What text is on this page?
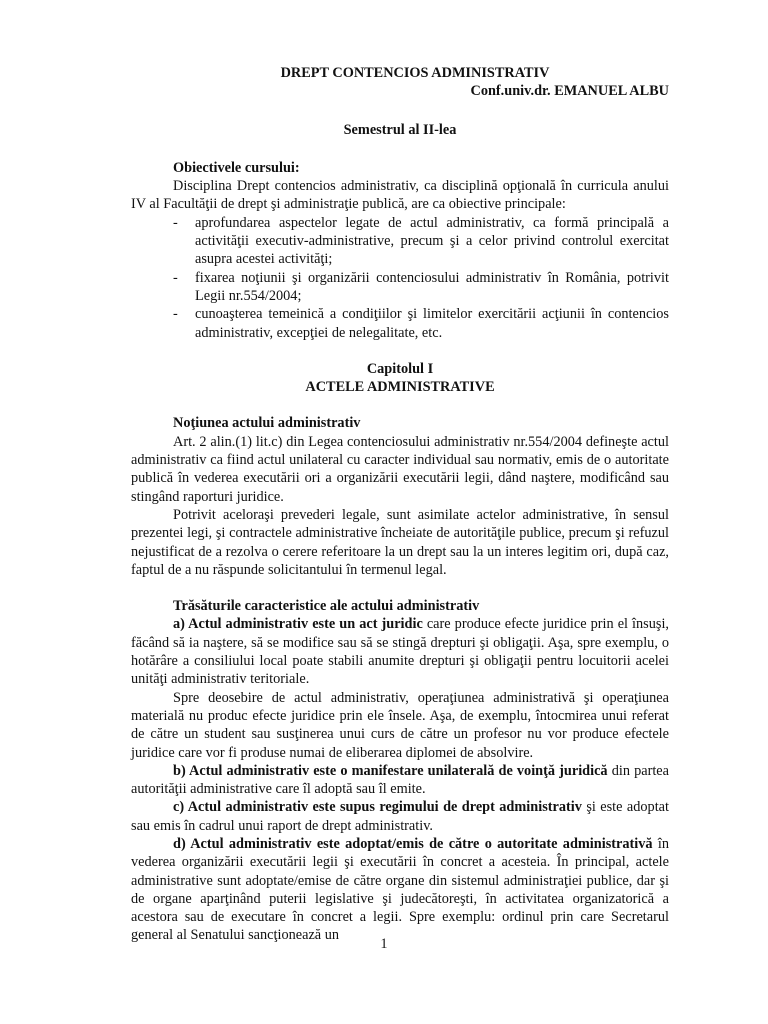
DREPT CONTENCIOS ADMINISTRATIV

Conf.univ.dr. EMANUEL ALBU

Semestrul al II-lea

Obiectivele cursului:

Disciplina Drept contencios administrativ, ca disciplină opţională în curricula anului IV al Facultăţii de drept şi administraţie publică, are ca obiective principale:

- aprofundarea aspectelor legate de actul administrativ, ca formă principală a activităţii executiv-administrative, precum şi a celor privind controlul exercitat asupra acestei activităţi;
- fixarea noţiunii şi organizării contenciosului administrativ în România, potrivit Legii nr.554/2004;
- cunoaşterea temeinică a condiţiilor şi limitelor exercitării acţiunii în contencios administrativ, excepţiei de nelegalitate, etc.

Capitolul I

ACTELE ADMINISTRATIVE

Noţiunea actului administrativ

Art. 2 alin.(1) lit.c) din Legea contenciosului administrativ nr.554/2004 defineşte actul administrativ ca fiind actul unilateral cu caracter individual sau normativ, emis de o autoritate publică în vederea executării ori a organizării executării legii, dând naştere, modificând sau stingând raporturi juridice.

Potrivit aceloraşi prevederi legale, sunt asimilate actelor administrative, în sensul prezentei legi, şi contractele administrative încheiate de autorităţile publice, precum şi refuzul nejustificat de a rezolva o cerere referitoare la un drept sau la un interes legitim ori, după caz, faptul de a nu răspunde solicitantului în termenul legal.

Trăsăturile caracteristice ale actului administrativ

a) Actul administrativ este un act juridic care produce efecte juridice prin el însuşi, făcând să ia naştere, să se modifice sau să se stingă drepturi şi obligaţii. Aşa, spre exemplu, o hotărâre a consiliului local poate stabili anumite drepturi şi obligaţii pentru locuitorii acelei unităţi administrativ teritoriale.

Spre deosebire de actul administrativ, operaţiunea administrativă şi operaţiunea materială nu produc efecte juridice prin ele însele. Aşa, de exemplu, întocmirea unui referat de către un student sau susţinerea unui curs de către un profesor nu vor produce efectele juridice care vor fi produse numai de eliberarea diplomei de absolvire.

b) Actul administrativ este o manifestare unilaterală de voinţă juridică din partea autorităţii administrative care îl adoptă sau îl emite.

c) Actul administrativ este supus regimului de drept administrativ şi este adoptat sau emis în cadrul unui raport de drept administrativ.

d) Actul administrativ este adoptat/emis de către o autoritate administrativă în vederea organizării executării legii şi executării în concret a acesteia. În principal, actele administrative sunt adoptate/emise de către organe din sistemul administraţiei publice, dar şi de organe aparţinând puterii legislative şi judecătoreşti, în activitatea organizatorică a acestora sau de executare în concret a legii. Spre exemplu: ordinul prin care Secretarul general al Senatului sancţionează un

1
